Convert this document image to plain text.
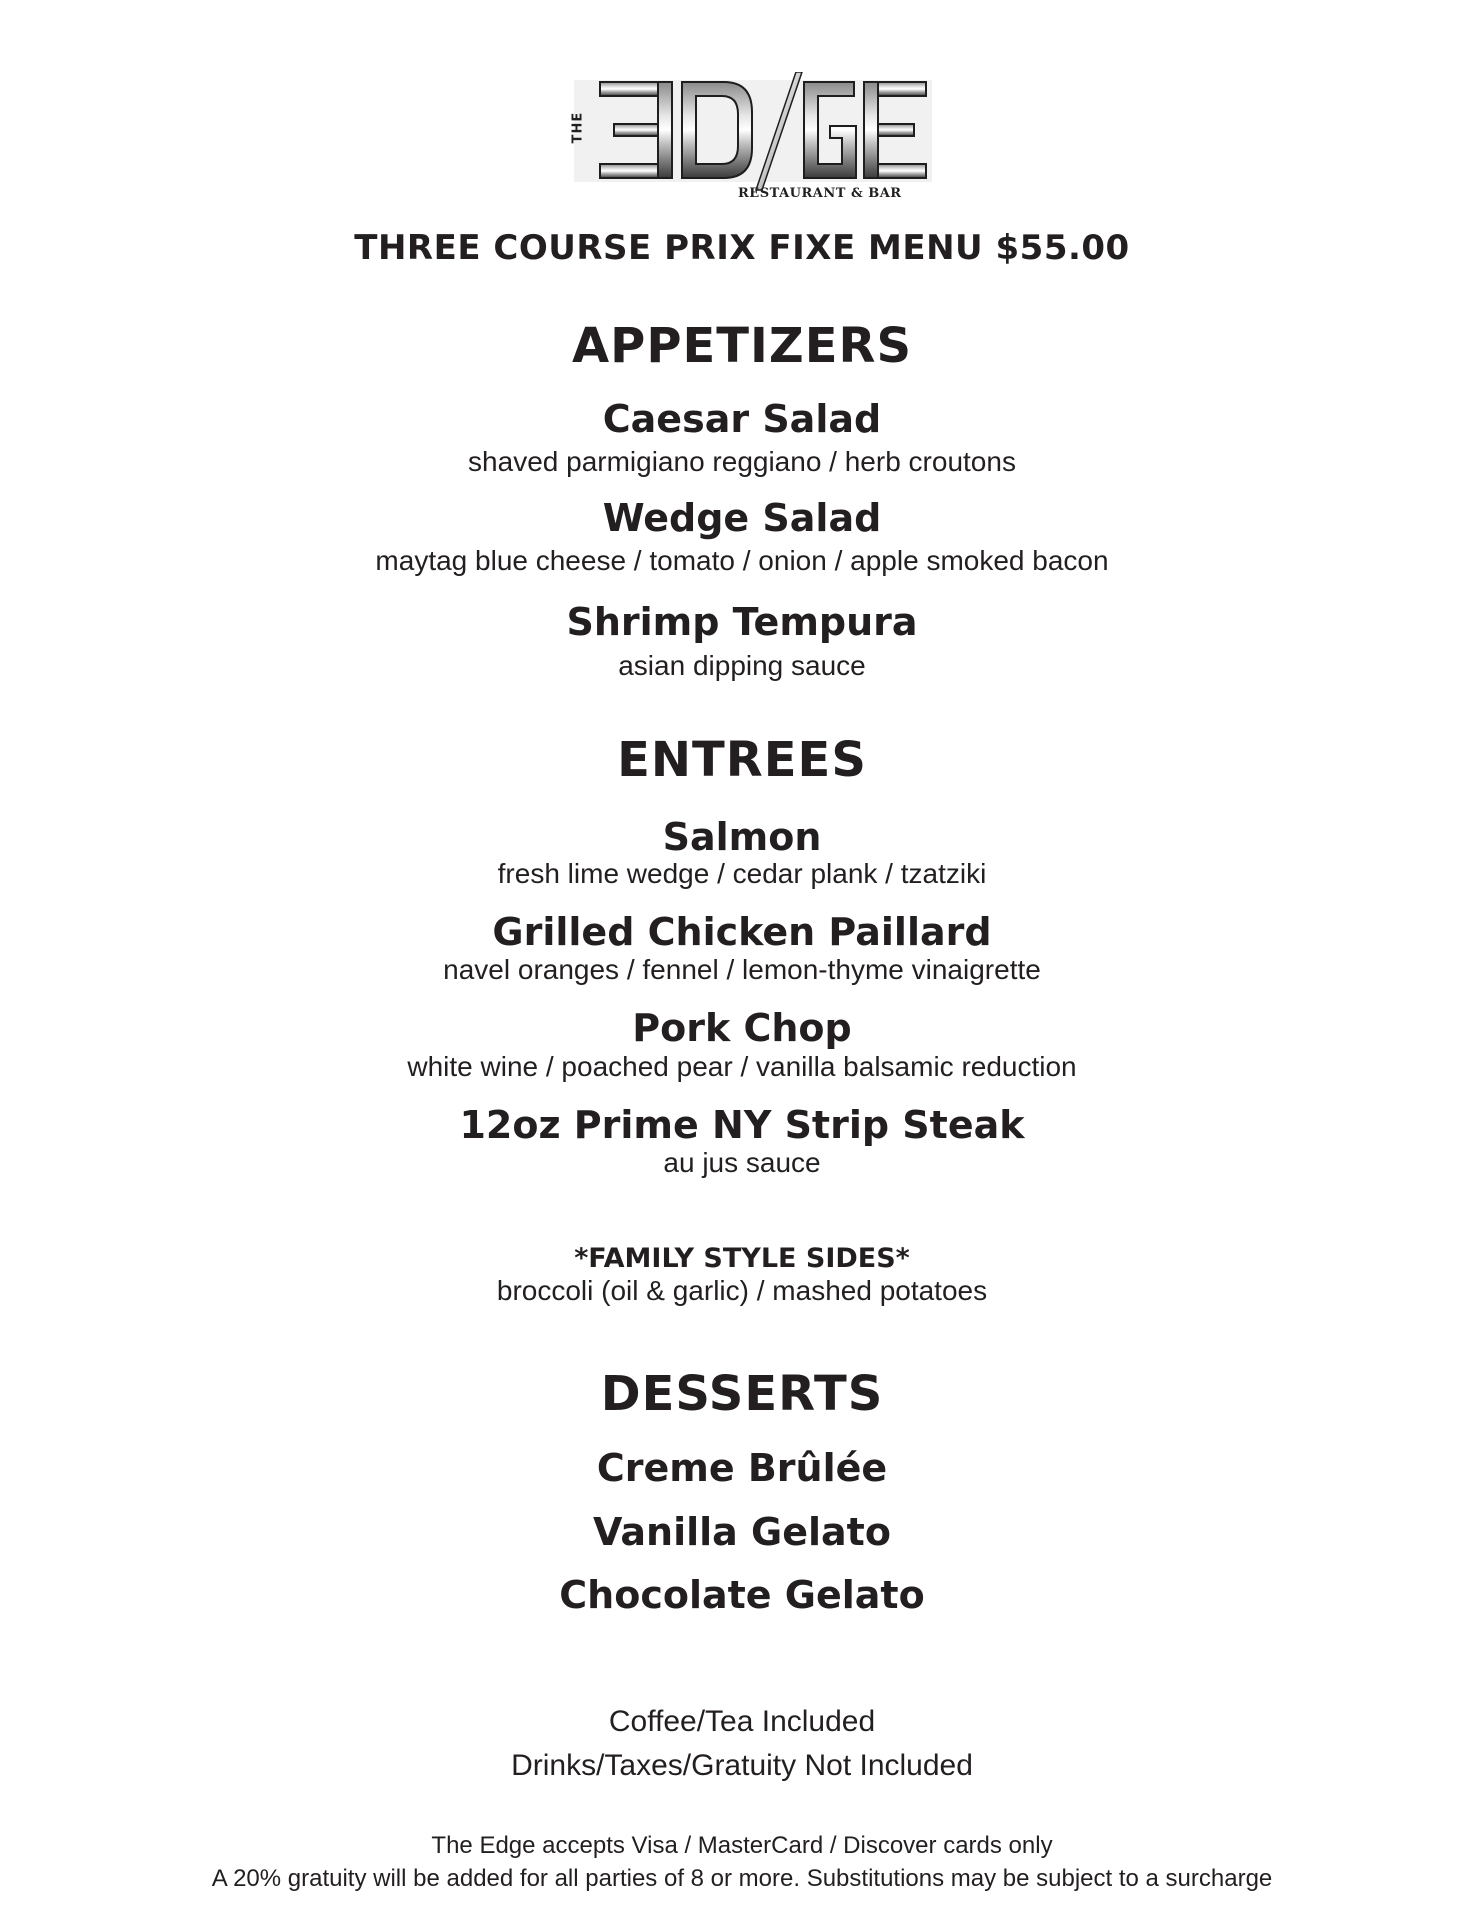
THE
RESTAURANT & BAR
THREE COURSE PRIX FIXE MENU $55.00
APPETIZERS
Caesar Salad
shaved parmigiano reggiano / herb croutons
Wedge Salad
maytag blue cheese / tomato / onion / apple smoked bacon
Shrimp Tempura
asian dipping sauce
ENTREES
Salmon
fresh lime wedge / cedar plank / tzatziki
Grilled Chicken Paillard
navel oranges / fennel / lemon-thyme vinaigrette
Pork Chop
white wine / poached pear / vanilla balsamic reduction
12oz Prime NY Strip Steak
au jus sauce
*FAMILY STYLE SIDES*
broccoli (oil & garlic) / mashed potatoes
DESSERTS
Creme Brûlée
Vanilla Gelato
Chocolate Gelato
Coffee/Tea Included
Drinks/Taxes/Gratuity Not Included
The Edge accepts Visa / MasterCard / Discover cards only
A 20% gratuity will be added for all parties of 8 or more. Substitutions may be subject to a surcharge
